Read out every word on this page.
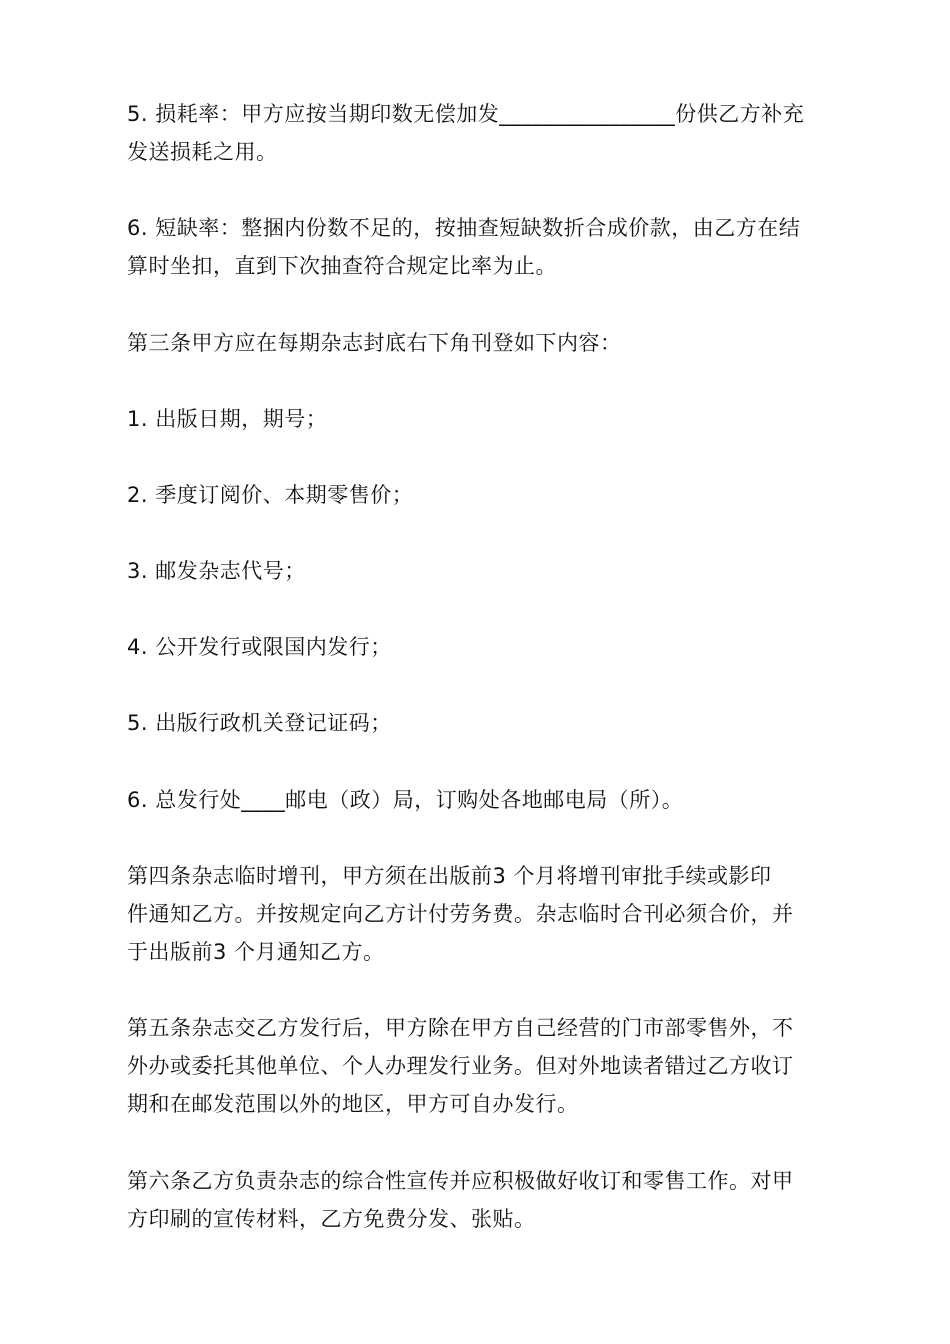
5. 损耗率：甲方应按当期印数无偿加发________________份供乙方补充
发送损耗之用。

6. 短缺率：整捆内份数不足的，按抽查短缺数折合成价款，由乙方在结
算时坐扣，直到下次抽查符合规定比率为止。

第三条甲方应在每期杂志封底右下角刊登如下内容：

1. 出版日期，期号；

2. 季度订阅价、本期零售价；

3. 邮发杂志代号；

4. 公开发行或限国内发行；

5. 出版行政机关登记证码；

6. 总发行处____邮电（政）局，订购处各地邮电局（所）。

第四条杂志临时增刊，甲方须在出版前3 个月将增刊审批手续或影印
件通知乙方。并按规定向乙方计付劳务费。杂志临时合刊必须合价，并
于出版前3 个月通知乙方。

第五条杂志交乙方发行后，甲方除在甲方自己经营的门市部零售外，不
外办或委托其他单位、个人办理发行业务。但对外地读者错过乙方收订
期和在邮发范围以外的地区，甲方可自办发行。

第六条乙方负责杂志的综合性宣传并应积极做好收订和零售工作。对甲
方印刷的宣传材料，乙方免费分发、张贴。
